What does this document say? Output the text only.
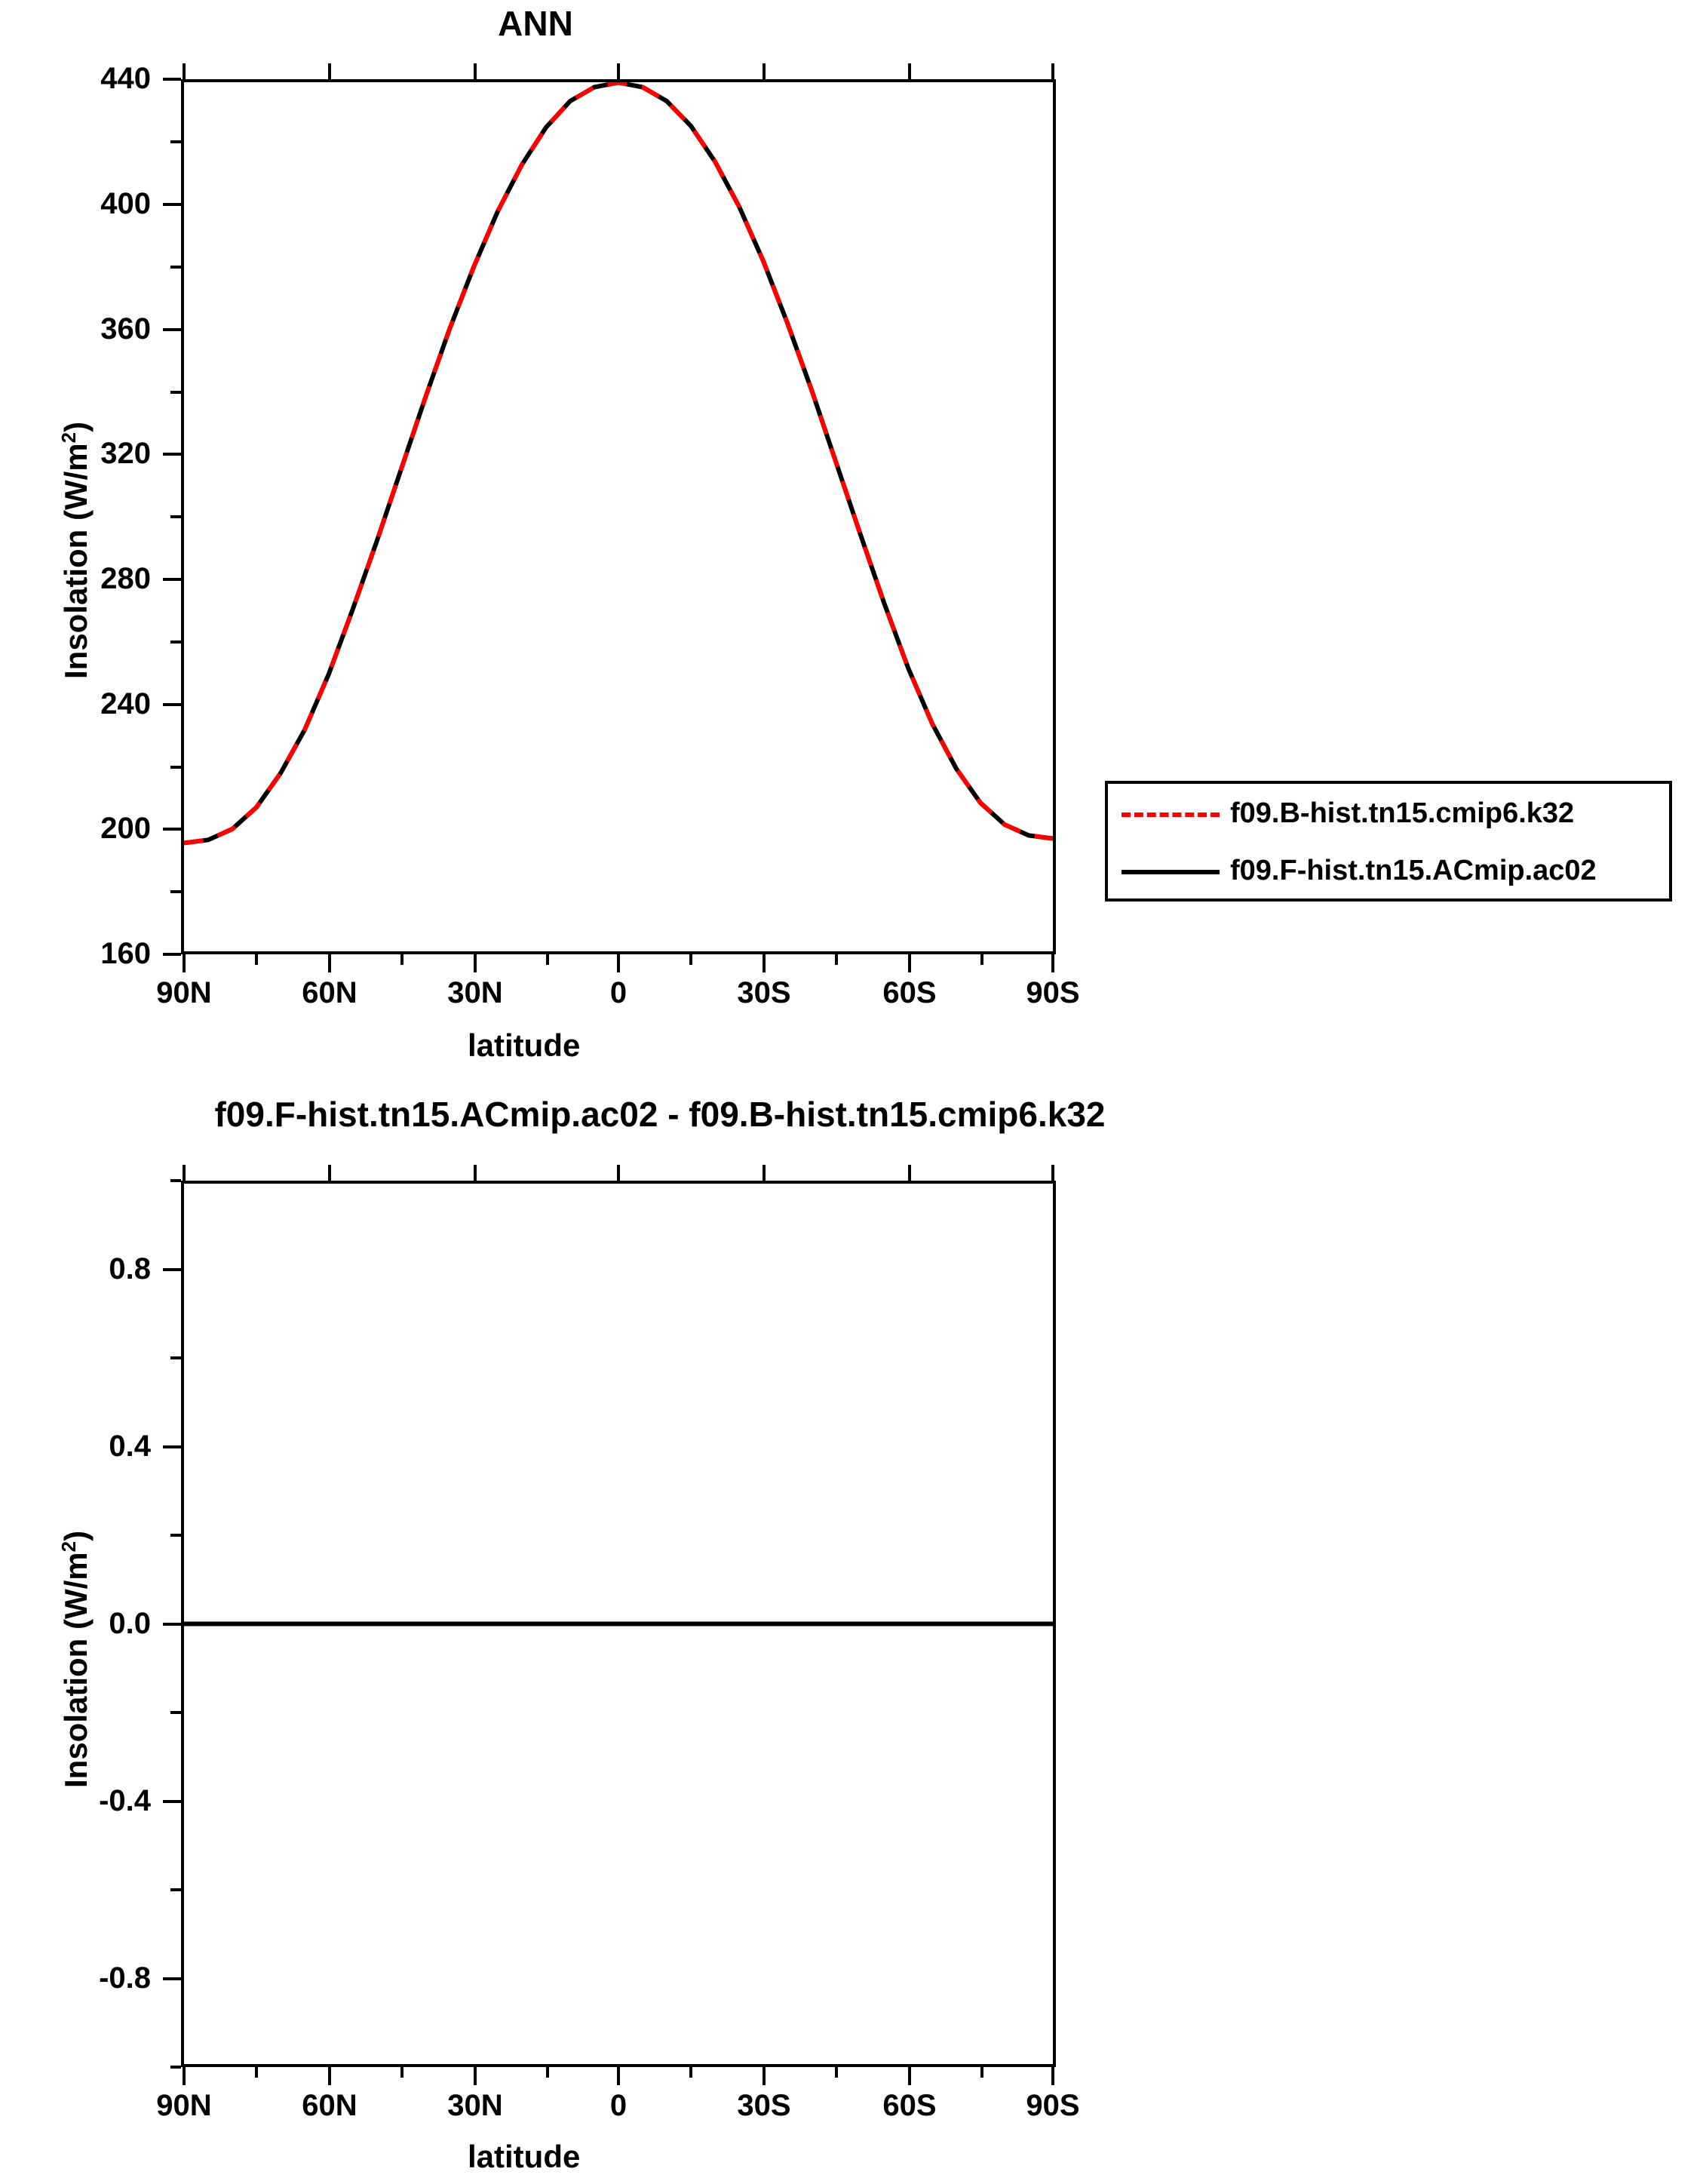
ANN
90N	60N	30N	0	30S	60S	90S
160
200
240
280
320
360
400
440
latitude
Insolation $(W/m^2)$
f09.B-hist.tn15.cmip6.k32
f09.F-hist.tn15.ACmip.ac02
f09.F-hist.tn15.ACmip.ac02 - f09.B-hist.tn15.cmip6.k32
90N	60N	30N	0	30S	60S	90S
-0.8
-0.4
0.0
0.4
0.8
latitude
Insolation $(W/m^2)$
